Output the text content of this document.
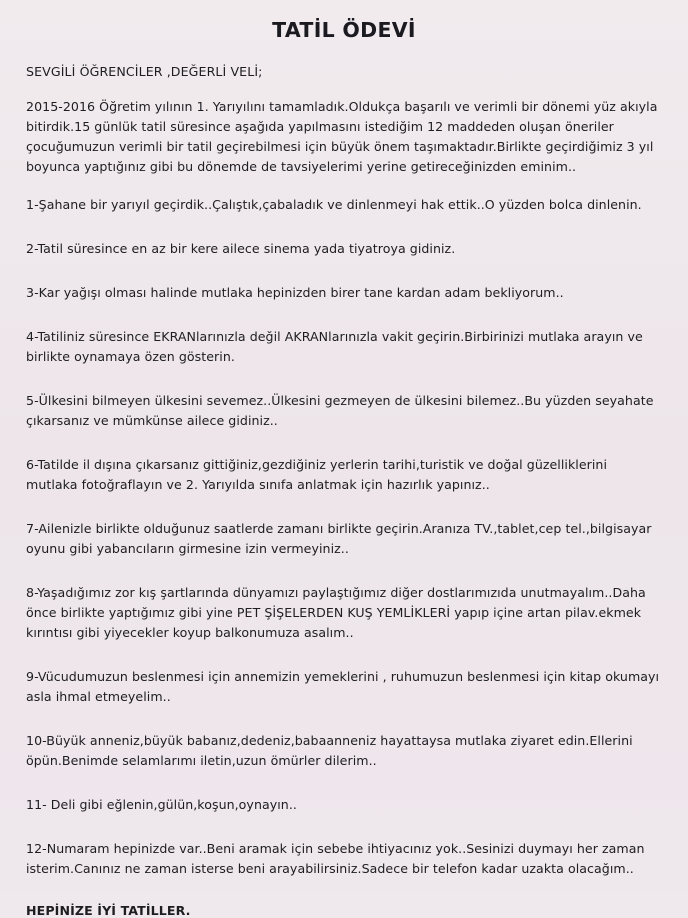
TATİL ÖDEVİ

SEVGİLİ ÖĞRENCİLER ,DEĞERLİ VELİ;

2015-2016 Öğretim yılının 1. Yarıyılını tamamladık.Oldukça başarılı ve verimli bir dönemi yüz akıyla bitirdik.15 günlük tatil süresince aşağıda yapılmasını istediğim 12 maddeden oluşan öneriler çocuğumuzun verimli bir tatil geçirebilmesi için büyük önem taşımaktadır.Birlikte geçirdiğimiz 3 yıl boyunca yaptığınız gibi bu dönemde de tavsiyelerimi yerine getireceğinizden eminim..

1-Şahane bir yarıyıl geçirdik..Çalıştık,çabaladık ve dinlenmeyi hak ettik..O yüzden bolca dinlenin.

2-Tatil süresince en az bir kere ailece sinema yada tiyatroya gidiniz.

3-Kar yağışı olması halinde mutlaka hepinizden birer tane kardan adam bekliyorum..

4-Tatiliniz süresince EKRANlarınızla değil AKRANlarınızla vakit geçirin.Birbirinizi mutlaka arayın ve birlikte oynamaya özen gösterin.

5-Ülkesini bilmeyen ülkesini sevemez..Ülkesini gezmeyen de ülkesini bilemez..Bu yüzden seyahate çıkarsanız ve mümkünse ailece gidiniz..

6-Tatilde il dışına çıkarsanız gittiğiniz,gezdiğiniz yerlerin tarihi,turistik ve doğal güzelliklerini mutlaka fotoğraflayın ve 2. Yarıyılda sınıfa anlatmak için hazırlık yapınız..

7-Ailenizle birlikte olduğunuz saatlerde zamanı birlikte geçirin.Aranıza TV.,tablet,cep tel.,bilgisayar oyunu gibi yabancıların girmesine izin vermeyiniz..

8-Yaşadığımız zor kış şartlarında dünyamızı paylaştığımız diğer dostlarımızıda unutmayalım..Daha önce birlikte yaptığımız gibi yine PET ŞİŞELERDEN KUŞ YEMLİKLERİ yapıp içine artan pilav.ekmek kırıntısı gibi yiyecekler koyup balkonumuza asalım..

9-Vücudumuzun beslenmesi için annemizin yemeklerini , ruhumuzun beslenmesi için kitap okumayı asla ihmal etmeyelim..

10-Büyük anneniz,büyük babanız,dedeniz,babaanneniz hayattaysa mutlaka ziyaret edin.Ellerini öpün.Benimde selamlarımı iletin,uzun ömürler dilerim..

11- Deli gibi eğlenin,gülün,koşun,oynayın..

12-Numaram hepinizde var..Beni aramak için sebebe ihtiyacınız yok..Sesinizi duymayı her zaman isterim.Canınız ne zaman isterse beni arayabilirsiniz.Sadece bir telefon kadar uzakta olacağım..

HEPİNİZE İYİ TATİLLER.
